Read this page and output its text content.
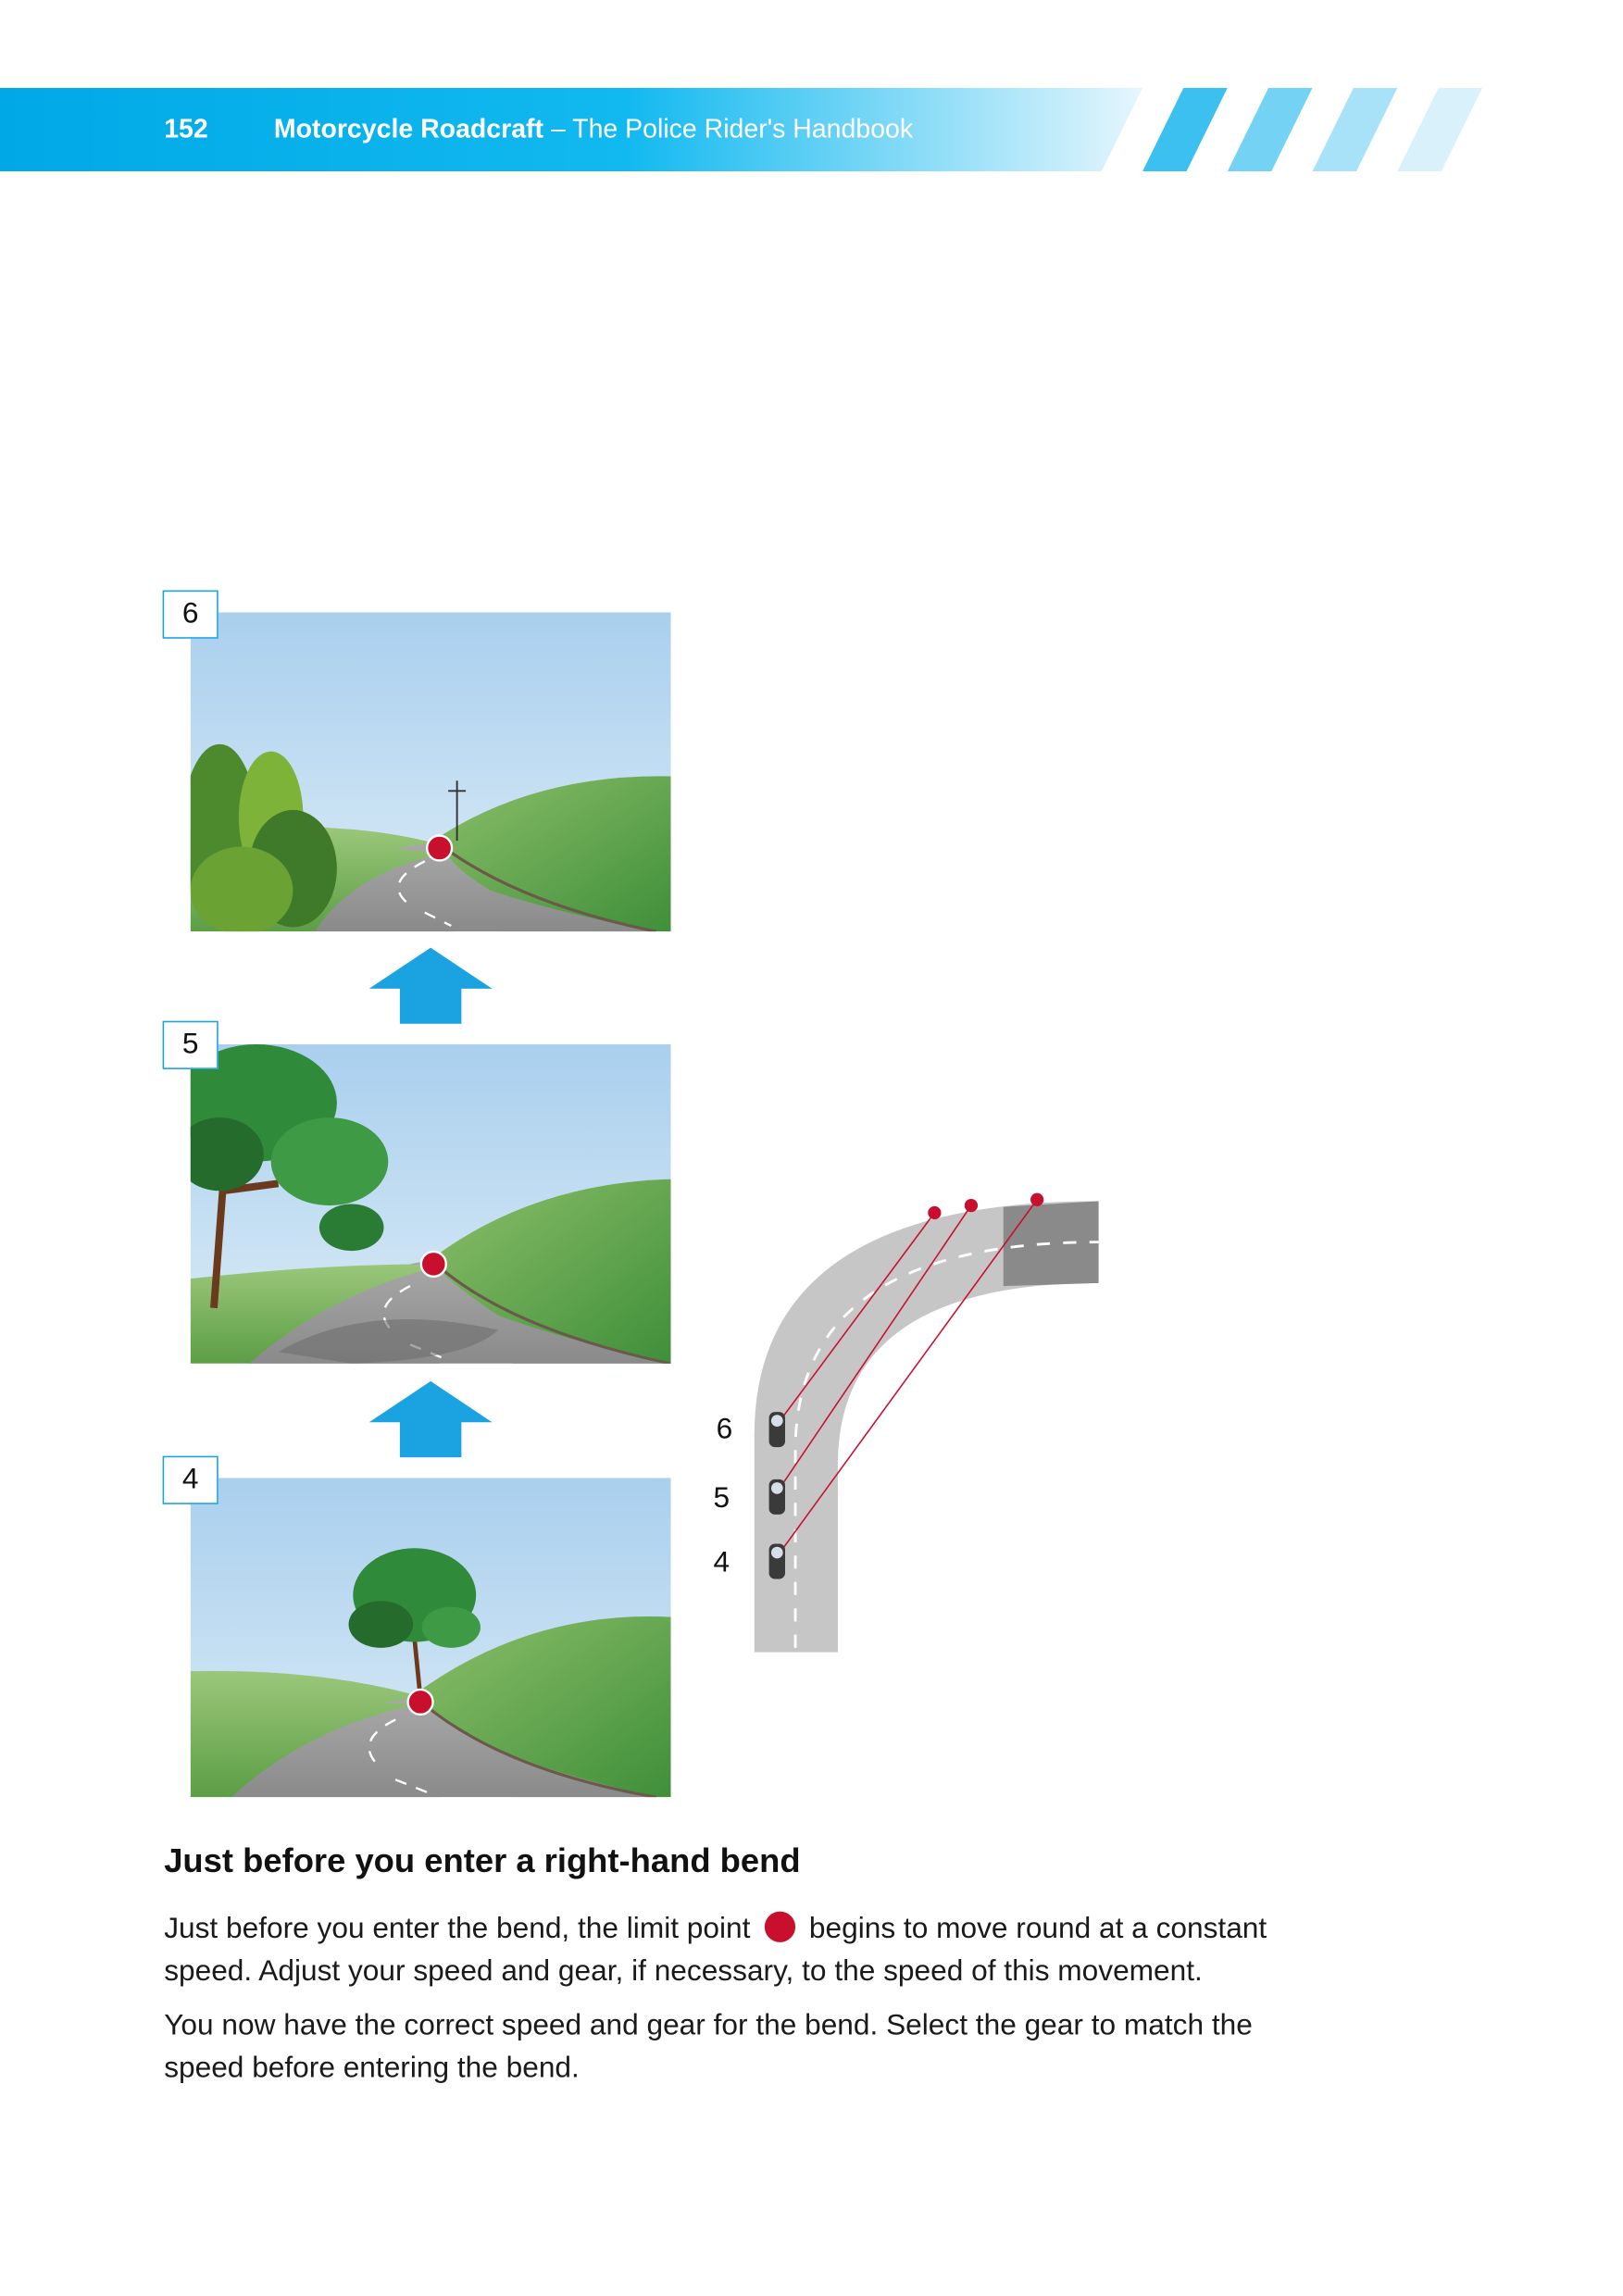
152	Motorcycle Roadcraft – The Police Rider's Handbook
6
5
4
6
5
4
Just before you enter a right-hand bend

Just before you enter the bend, the limit point  begins to move round at a constant speed. Adjust your speed and gear, if necessary, to the speed of this movement.

You now have the correct speed and gear for the bend. Select the gear to match the speed before entering the bend.
